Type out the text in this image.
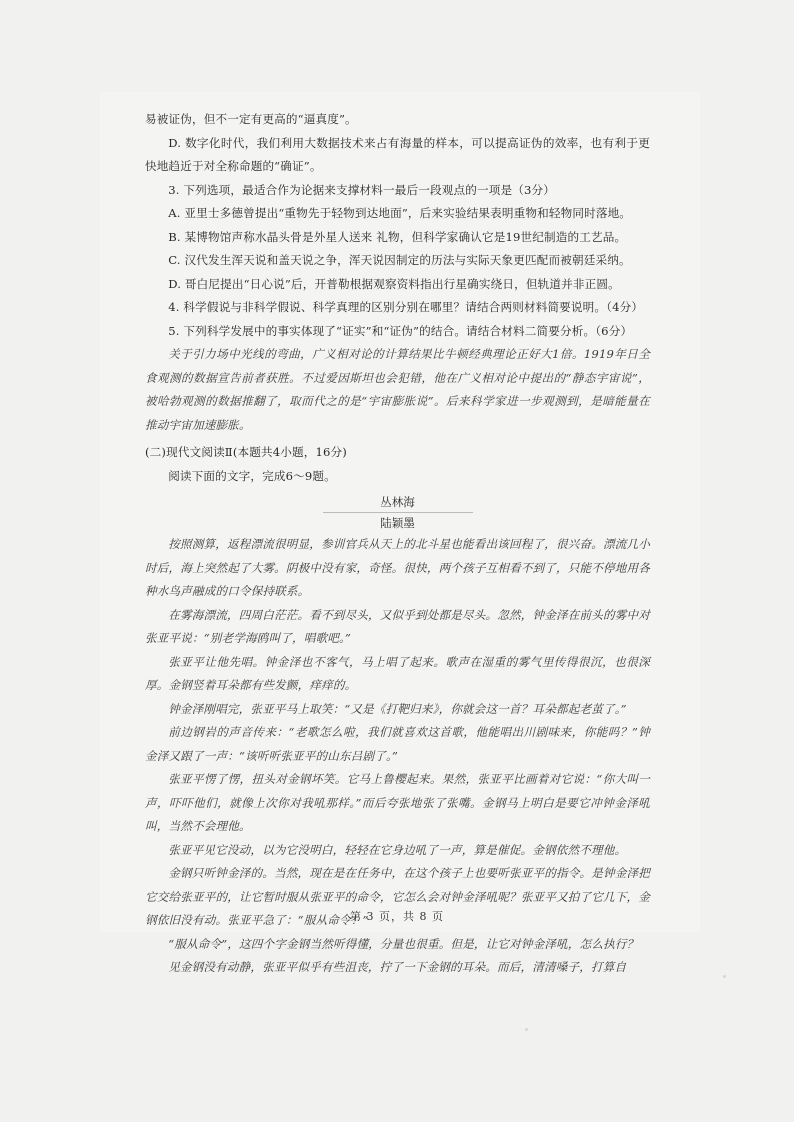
易被证伪，但不一定有更高的“逼真度”。

D. 数字化时代，我们利用大数据技术来占有海量的样本，可以提高证伪的效率，也有利于更快地趋近于对全称命题的“确证”。

3. 下列选项，最适合作为论据来支撑材料一最后一段观点的一项是（3分）

A. 亚里士多德曾提出“重物先于轻物到达地面”，后来实验结果表明重物和轻物同时落地。

B. 某博物馆声称水晶头骨是外星人送来 礼物，但科学家确认它是19世纪制造的工艺品。

C. 汉代发生浑天说和盖天说之争，浑天说因制定的历法与实际天象更匹配而被朝廷采纳。

D. 哥白尼提出“日心说”后，开普勒根据观察资料指出行星确实绕日，但轨道并非正圆。

4. 科学假说与非科学假说、科学真理的区别分别在哪里？请结合两则材料简要说明。（4分）

5. 下列科学发展中的事实体现了“证实”和“证伪”的结合。请结合材料二简要分析。（6分）

关于引力场中光线的弯曲，广义相对论的计算结果比牛顿经典理论正好大1倍。1919年日全食观测的数据宣告前者获胜。不过爱因斯坦也会犯错，他在广义相对论中提出的“静态宇宙说”，被哈勃观测的数据推翻了，取而代之的是“宇宙膨胀说”。后来科学家进一步观测到，是暗能量在推动宇宙加速膨胀。

(二)现代文阅读Ⅱ(本题共4小题，16分)

阅读下面的文字，完成6～9题。

丛林海

陆颖墨

按照测算，返程漂流很明显，参训官兵从天上的北斗星也能看出该回程了，很兴奋。漂流几小时后，海上突然起了大雾。阴极中没有家，奇怪。很快，两个孩子互相看不到了，只能不停地用各种水鸟声融成的口令保持联系。

在雾海漂流，四周白茫茫。看不到尽头，又似乎到处都是尽头。忽然，钟金泽在前头的雾中对张亚平说：“别老学海鸥叫了，唱歌吧。”

张亚平让他先唱。钟金泽也不客气，马上唱了起来。歌声在湿重的雾气里传得很沉，也很深厚。金钢竖着耳朵都有些发颤，痒痒的。

钟金泽刚唱完，张亚平马上取笑：“又是《打靶归来》，你就会这一首？耳朵都起老茧了。”

前边钢岩的声音传来：“老歌怎么啦，我们就喜欢这首歌，他能唱出川剧味来，你能吗？”钟金泽又跟了一声：“该听听张亚平的山东吕剧了。”

张亚平愣了愣，扭头对金钢坏笑。它马上鲁樱起来。果然，张亚平比画着对它说：“你大叫一声，吓吓他们，就像上次你对我吼那样。”而后夸张地张了张嘴。金钢马上明白是要它冲钟金泽吼叫，当然不会理他。

张亚平见它没动，以为它没明白，轻轻在它身边吼了一声，算是催促。金钢依然不理他。

金钢只听钟金泽的。当然，现在是在任务中，在这个孩子上也要听张亚平的指令。是钟金泽把它交给张亚平的，让它暂时服从张亚平的命令，它怎么会对钟金泽吼呢？张亚平又拍了它几下，金钢依旧没有动。张亚平急了：“服从命令！”

“服从命令”，这四个字金钢当然听得懂，分量也很重。但是，让它对钟金泽吼，怎么执行？

见金钢没有动静，张亚平似乎有些沮丧，拧了一下金钢的耳朵。而后，清清嗓子，打算自

第 3 页，共 8 页
